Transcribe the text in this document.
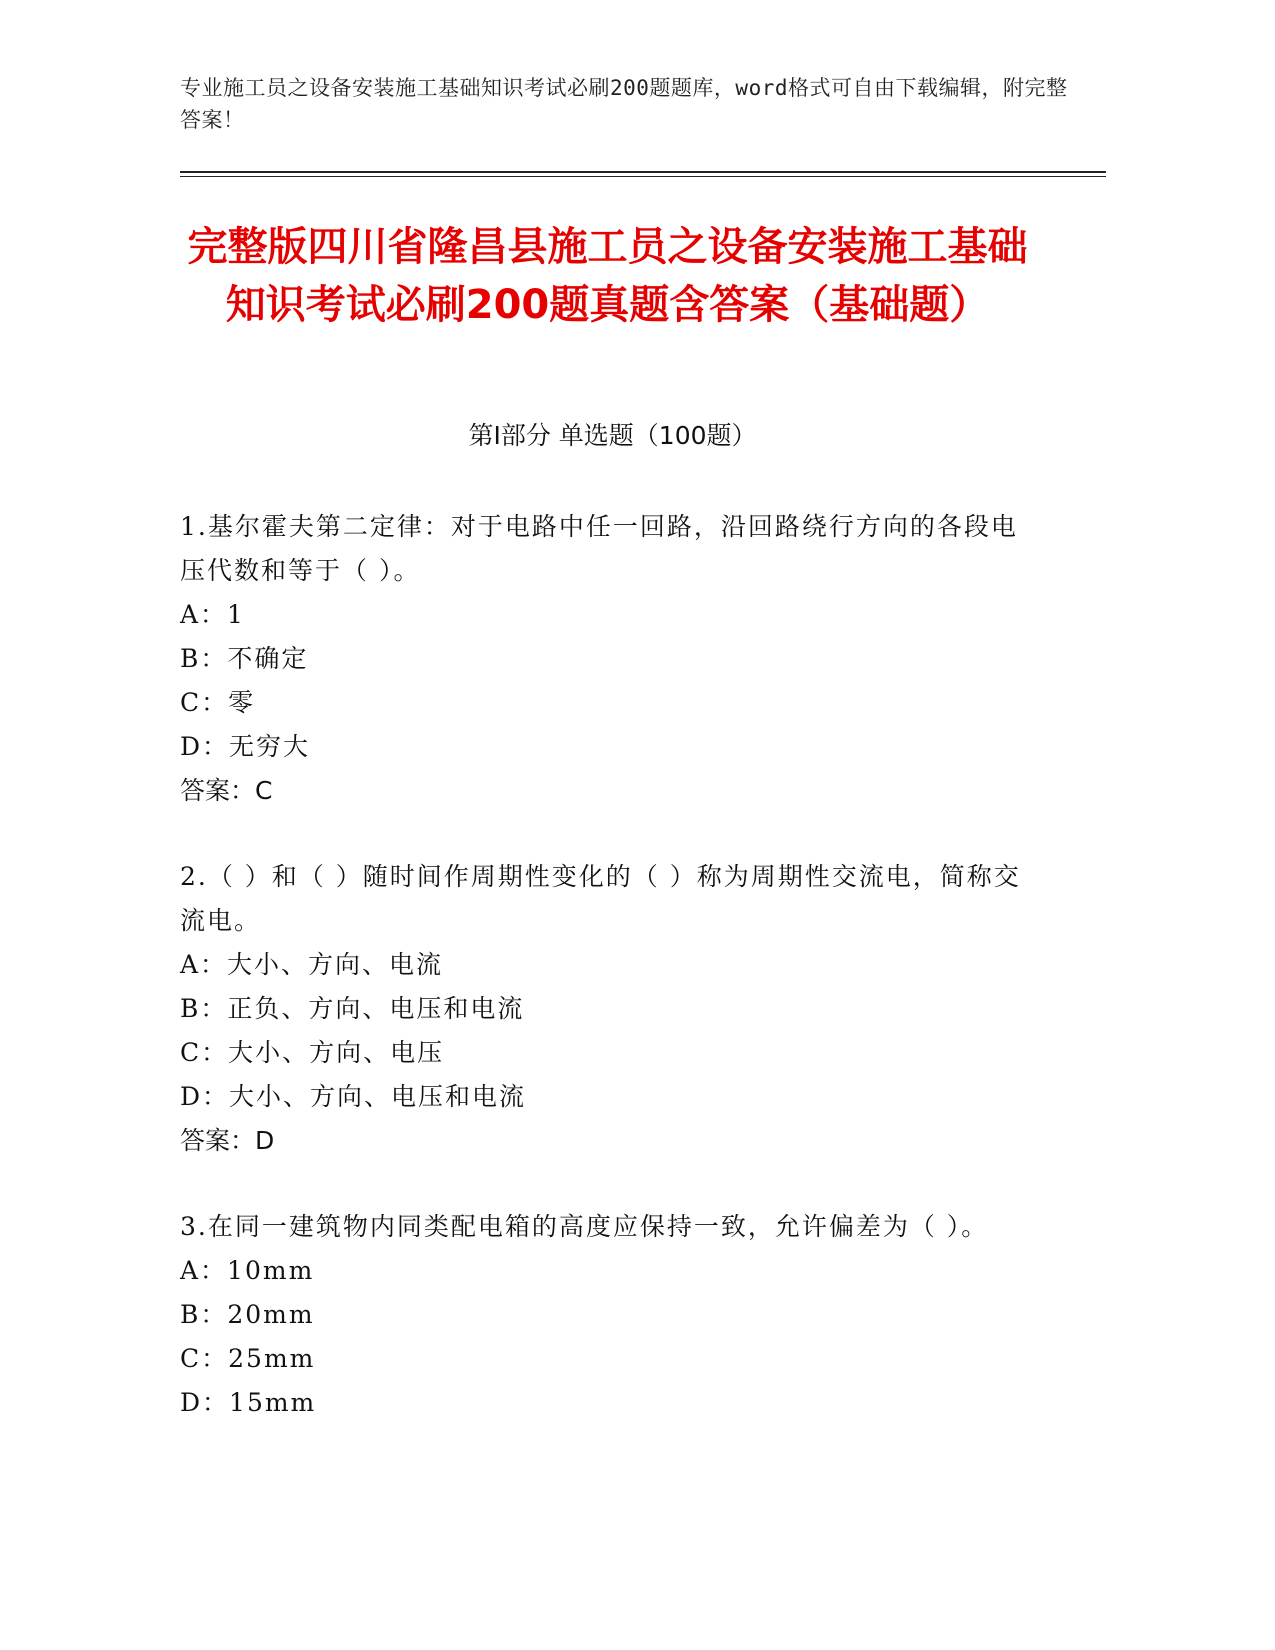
专业施工员之设备安装施工基础知识考试必刷200题题库，word格式可自由下载编辑，附完整答案！
完整版四川省隆昌县施工员之设备安装施工基础知识考试必刷200题真题含答案（基础题）
第Ⅰ部分 单选题（100题）
1.基尔霍夫第二定律：对于电路中任一回路，沿回路绕行方向的各段电压代数和等于（ ）。
A：1
B：不确定
C：零
D：无穷大
答案：C
2.（ ）和（ ）随时间作周期性变化的（ ）称为周期性交流电，简称交流电。
A：大小、方向、电流
B：正负、方向、电压和电流
C：大小、方向、电压
D：大小、方向、电压和电流
答案：D
3.在同一建筑物内同类配电箱的高度应保持一致，允许偏差为（ ）。
A：10mm
B：20mm
C：25mm
D：15mm
